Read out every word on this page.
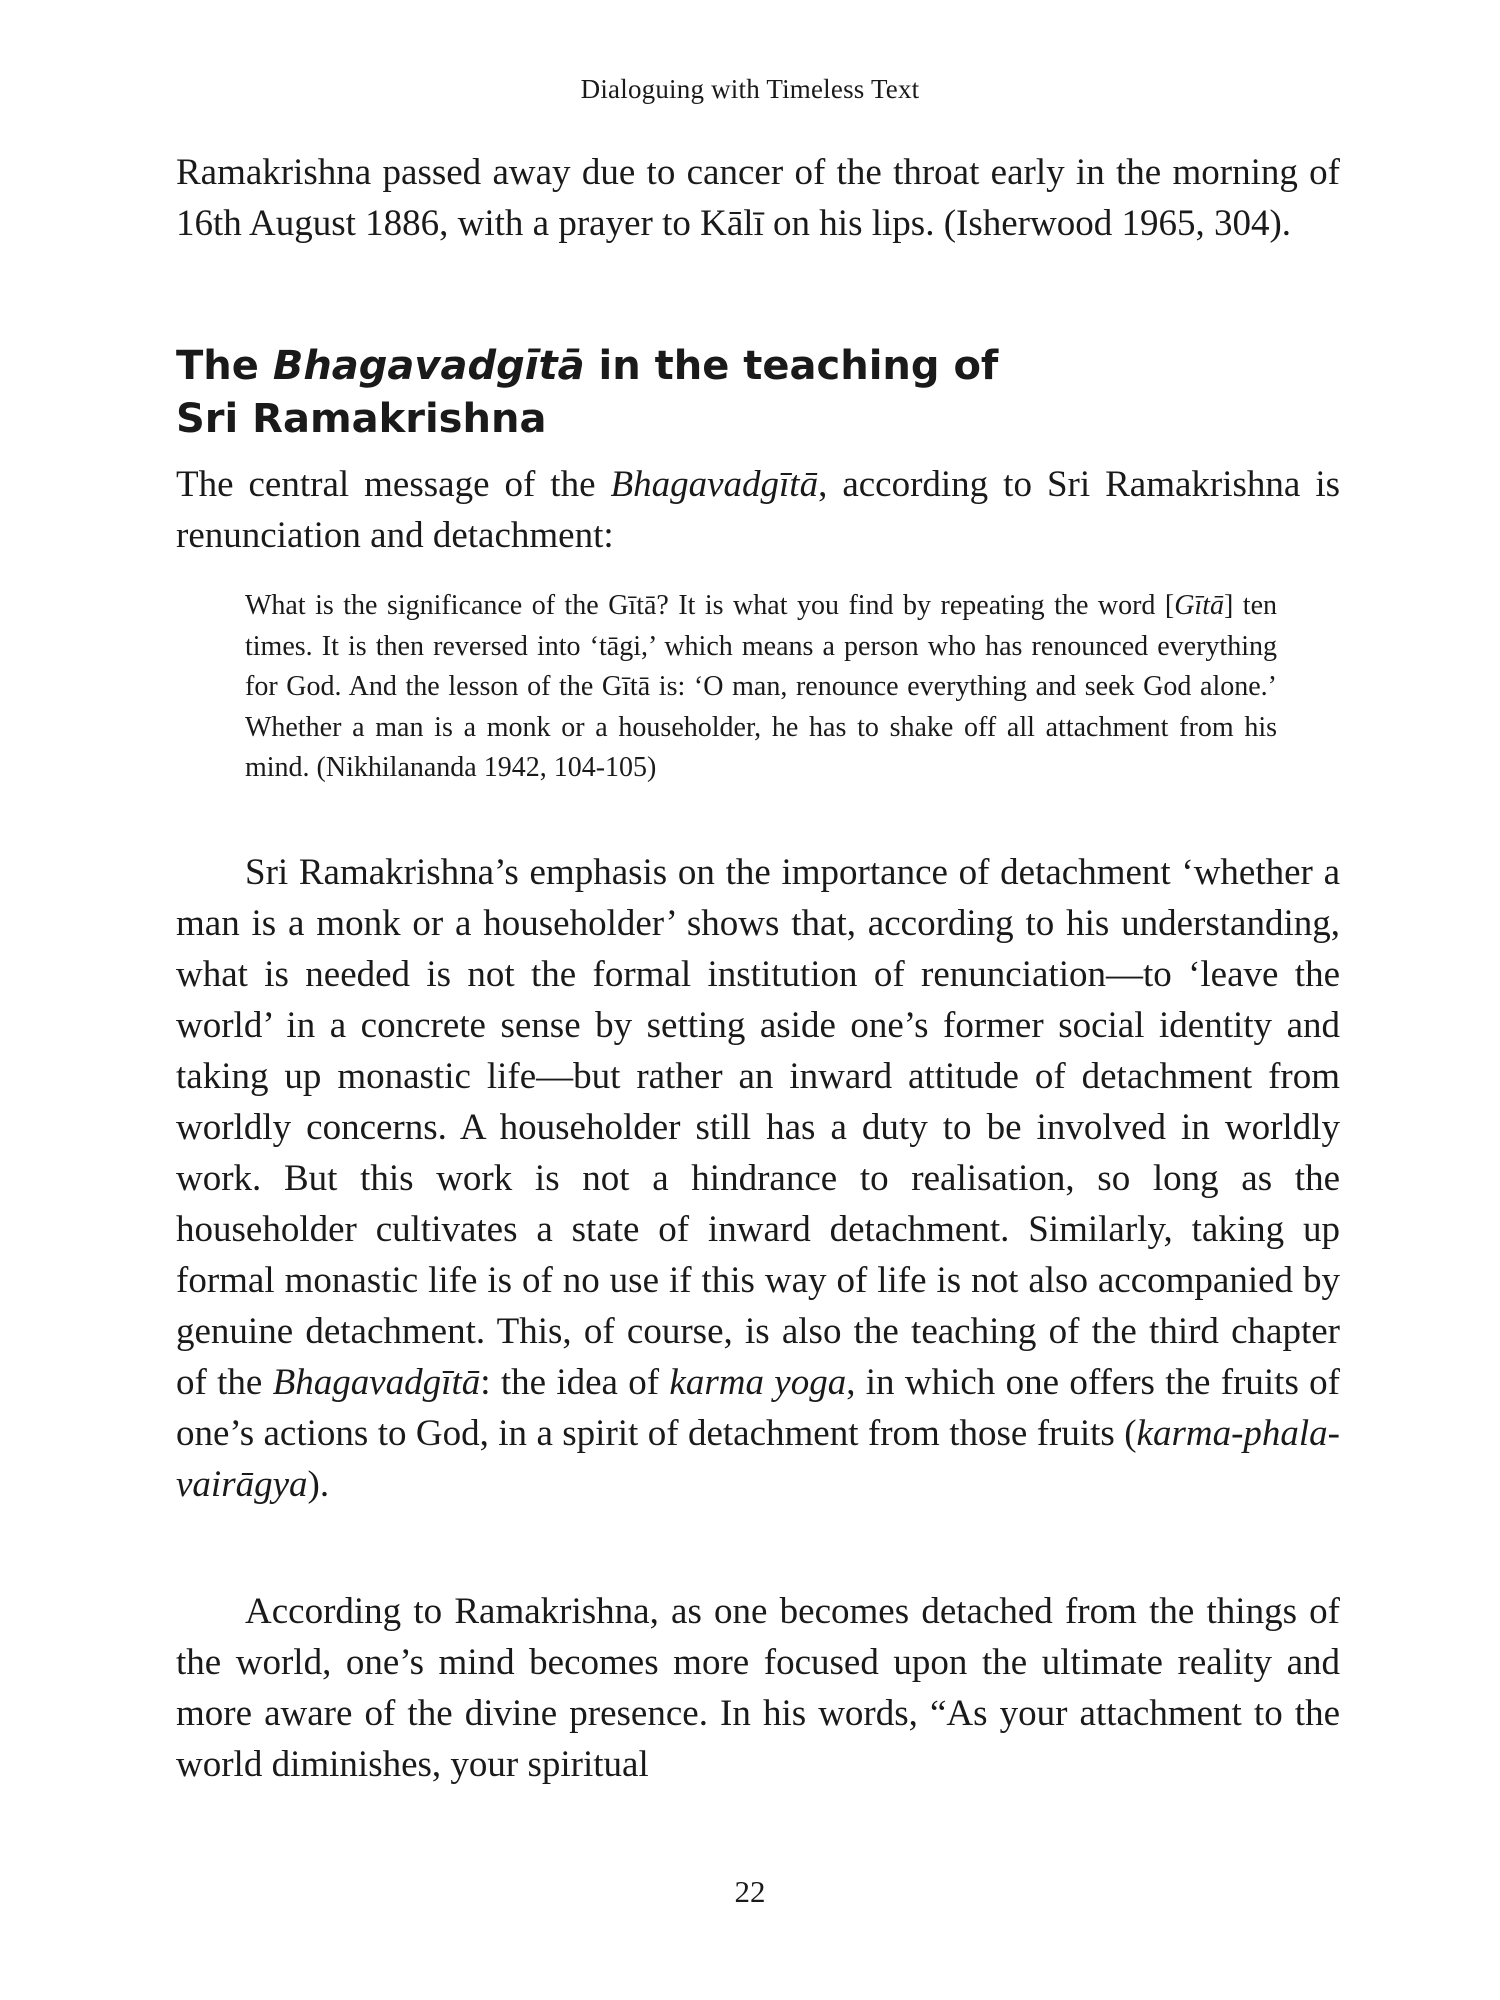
Dialoguing with Timeless Text

Ramakrishna passed away due to cancer of the throat early in the morning of 16th August 1886, with a prayer to Kālī on his lips. (Isherwood 1965, 304).

The Bhagavadgītā in the teaching of
Sri Ramakrishna

The central message of the Bhagavadgītā, according to Sri Ramakrishna is renunciation and detachment:

What is the significance of the Gītā? It is what you find by repeating the word [Gītā] ten times. It is then reversed into ‘tāgi,’ which means a person who has renounced everything for God. And the lesson of the Gītā is: ‘O man, renounce everything and seek God alone.’ Whether a man is a monk or a householder, he has to shake off all attachment from his mind. (Nikhilananda 1942, 104-105)

Sri Ramakrishna’s emphasis on the importance of detachment ‘whether a man is a monk or a householder’ shows that, according to his understanding, what is needed is not the formal institution of renunciation—to ‘leave the world’ in a concrete sense by setting aside one’s former social identity and taking up monastic life—but rather an inward attitude of detachment from worldly concerns. A householder still has a duty to be involved in worldly work. But this work is not a hindrance to realisation, so long as the householder cultivates a state of inward detachment. Similarly, taking up formal monastic life is of no use if this way of life is not also accompanied by genuine detachment. This, of course, is also the teaching of the third chapter of the Bhagavadgītā: the idea of karma yoga, in which one offers the fruits of one’s actions to God, in a spirit of detachment from those fruits (karma-phala-vairāgya).

According to Ramakrishna, as one becomes detached from the things of the world, one’s mind becomes more focused upon the ultimate reality and more aware of the divine presence. In his words, “As your attachment to the world diminishes, your spiritual

22
